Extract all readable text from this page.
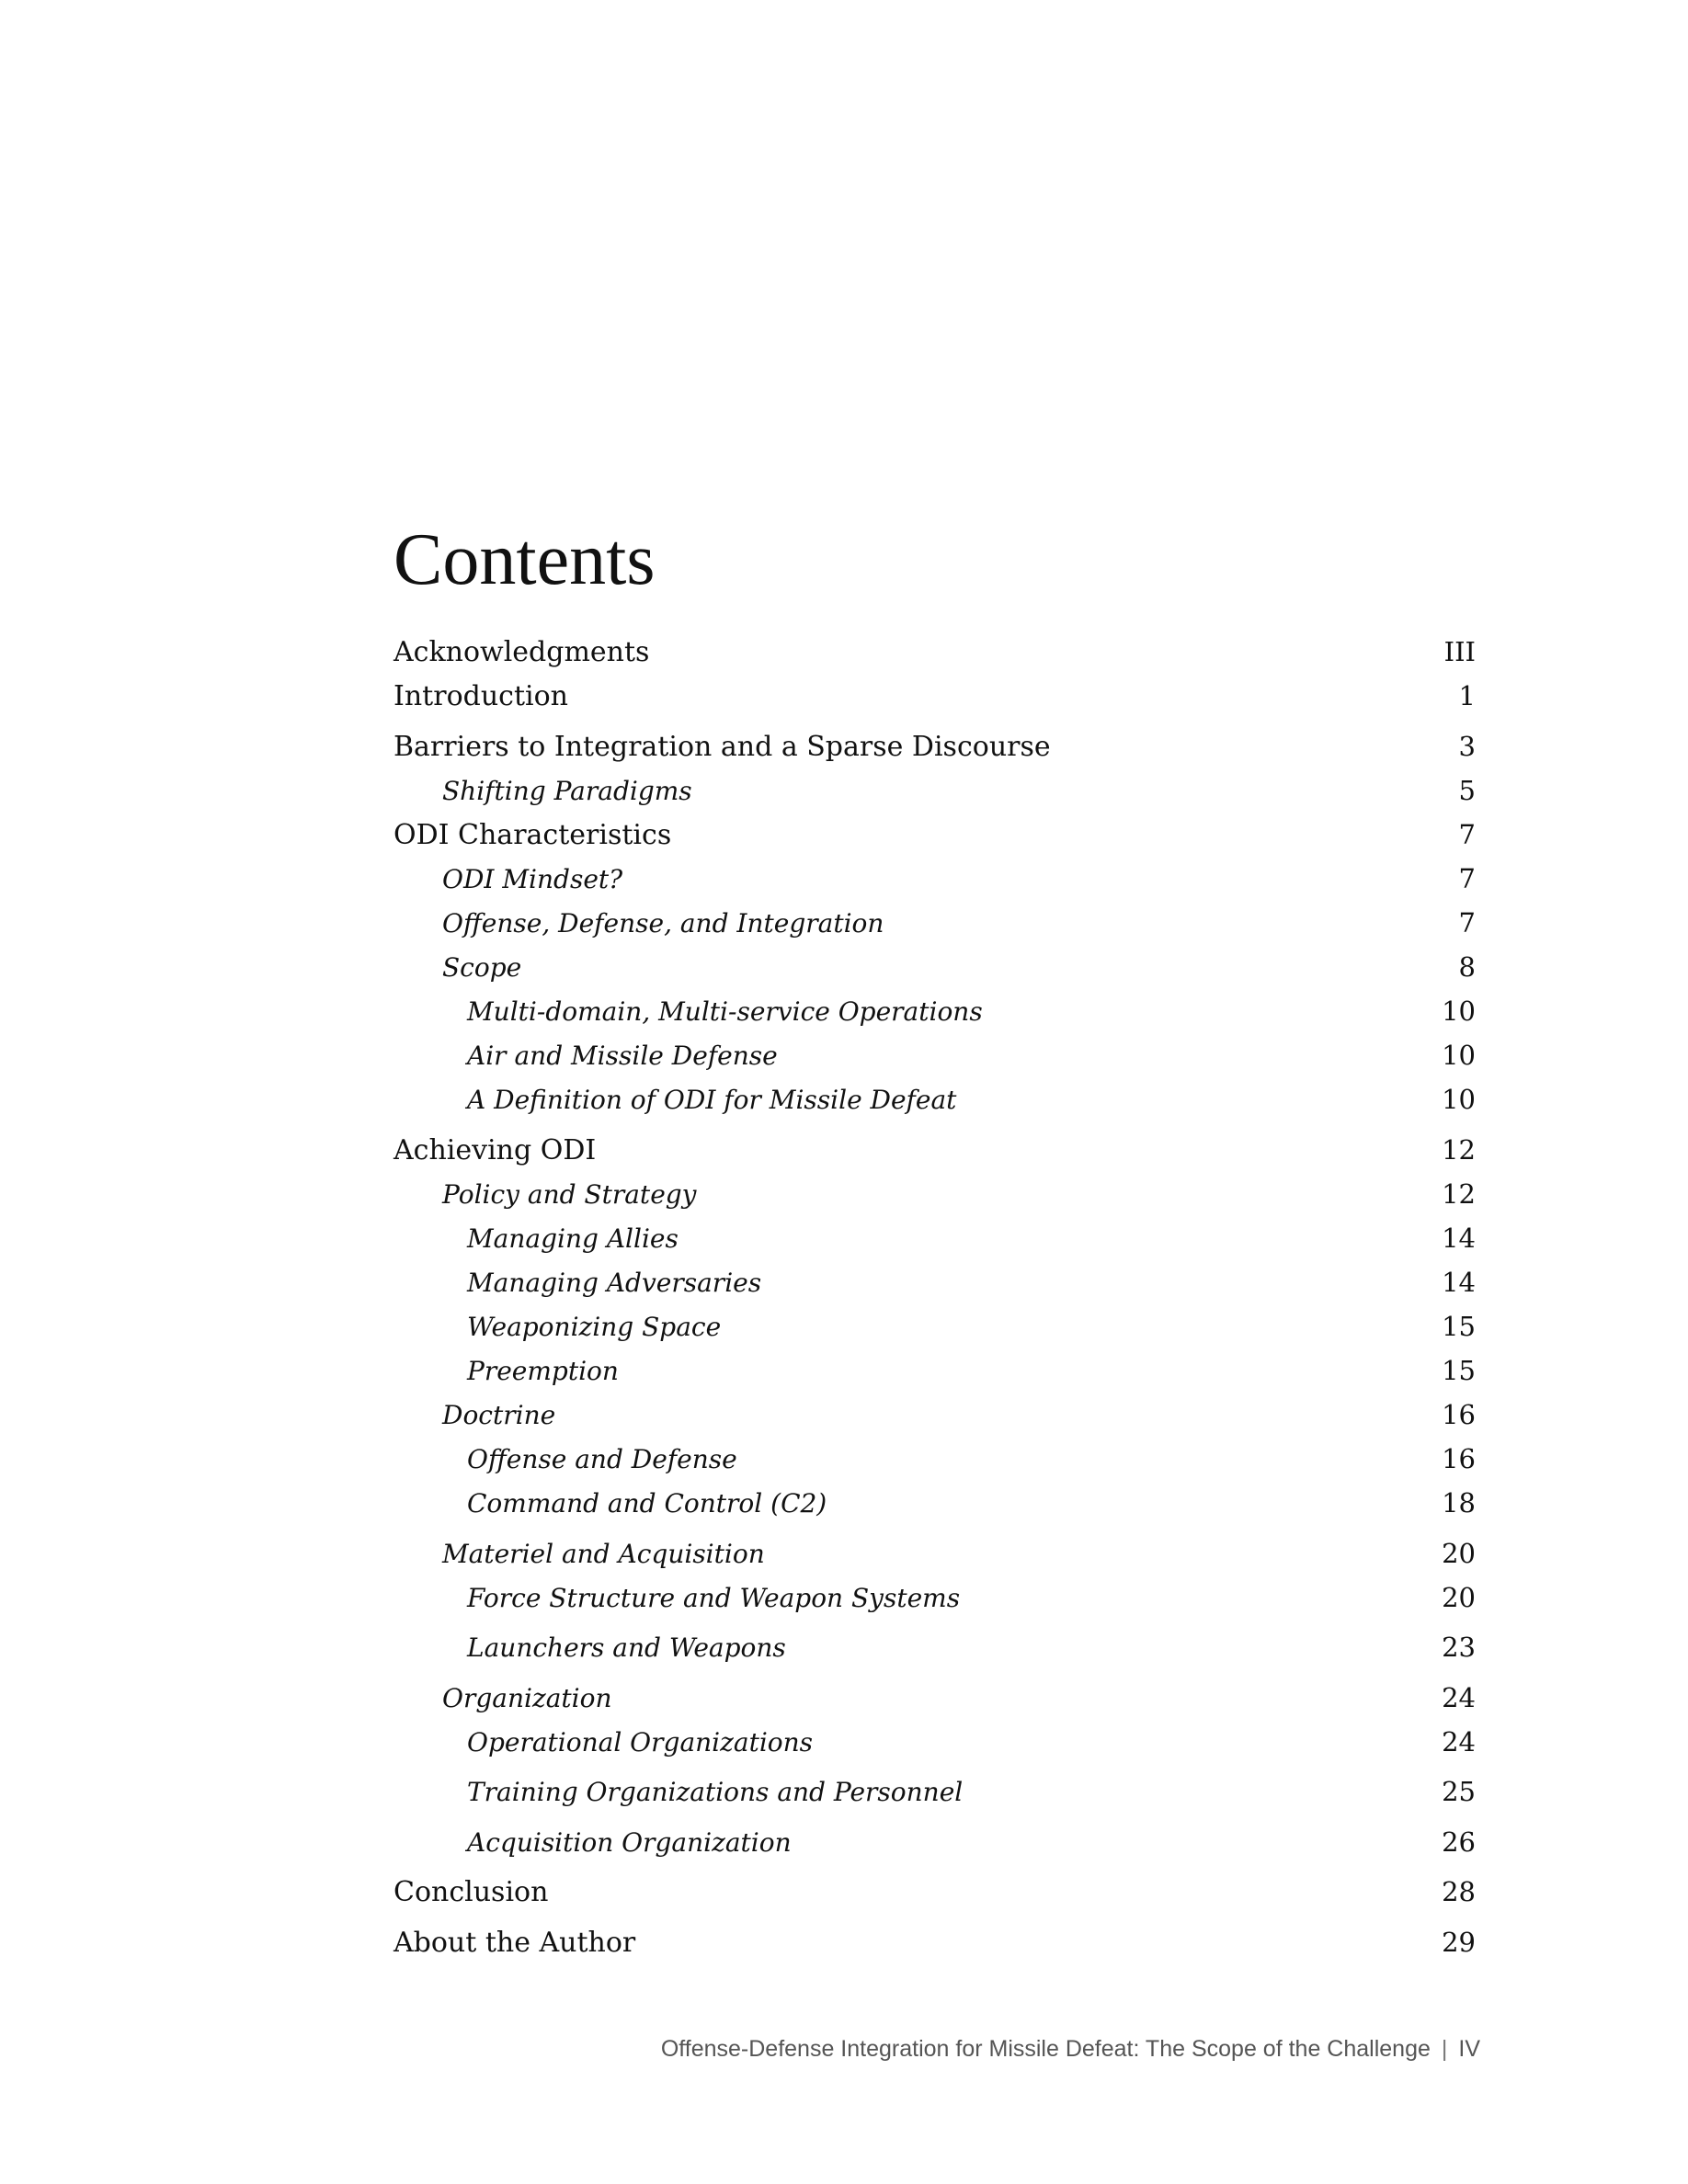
Contents
Acknowledgments	III
Introduction	1
Barriers to Integration and a Sparse Discourse	3
Shifting Paradigms	5
ODI Characteristics	7
ODI Mindset?	7
Offense, Defense, and Integration	7
Scope	8
Multi-domain, Multi-service Operations	10
Air and Missile Defense	10
A Definition of ODI for Missile Defeat	10
Achieving ODI	12
Policy and Strategy	12
Managing Allies	14
Managing Adversaries	14
Weaponizing Space	15
Preemption	15
Doctrine	16
Offense and Defense	16
Command and Control (C2)	18
Materiel and Acquisition	20
Force Structure and Weapon Systems	20
Launchers and Weapons	23
Organization	24
Operational Organizations	24
Training Organizations and Personnel	25
Acquisition Organization	26
Conclusion	28
About the Author	29
Offense-Defense Integration for Missile Defeat: The Scope of the Challenge | IV
